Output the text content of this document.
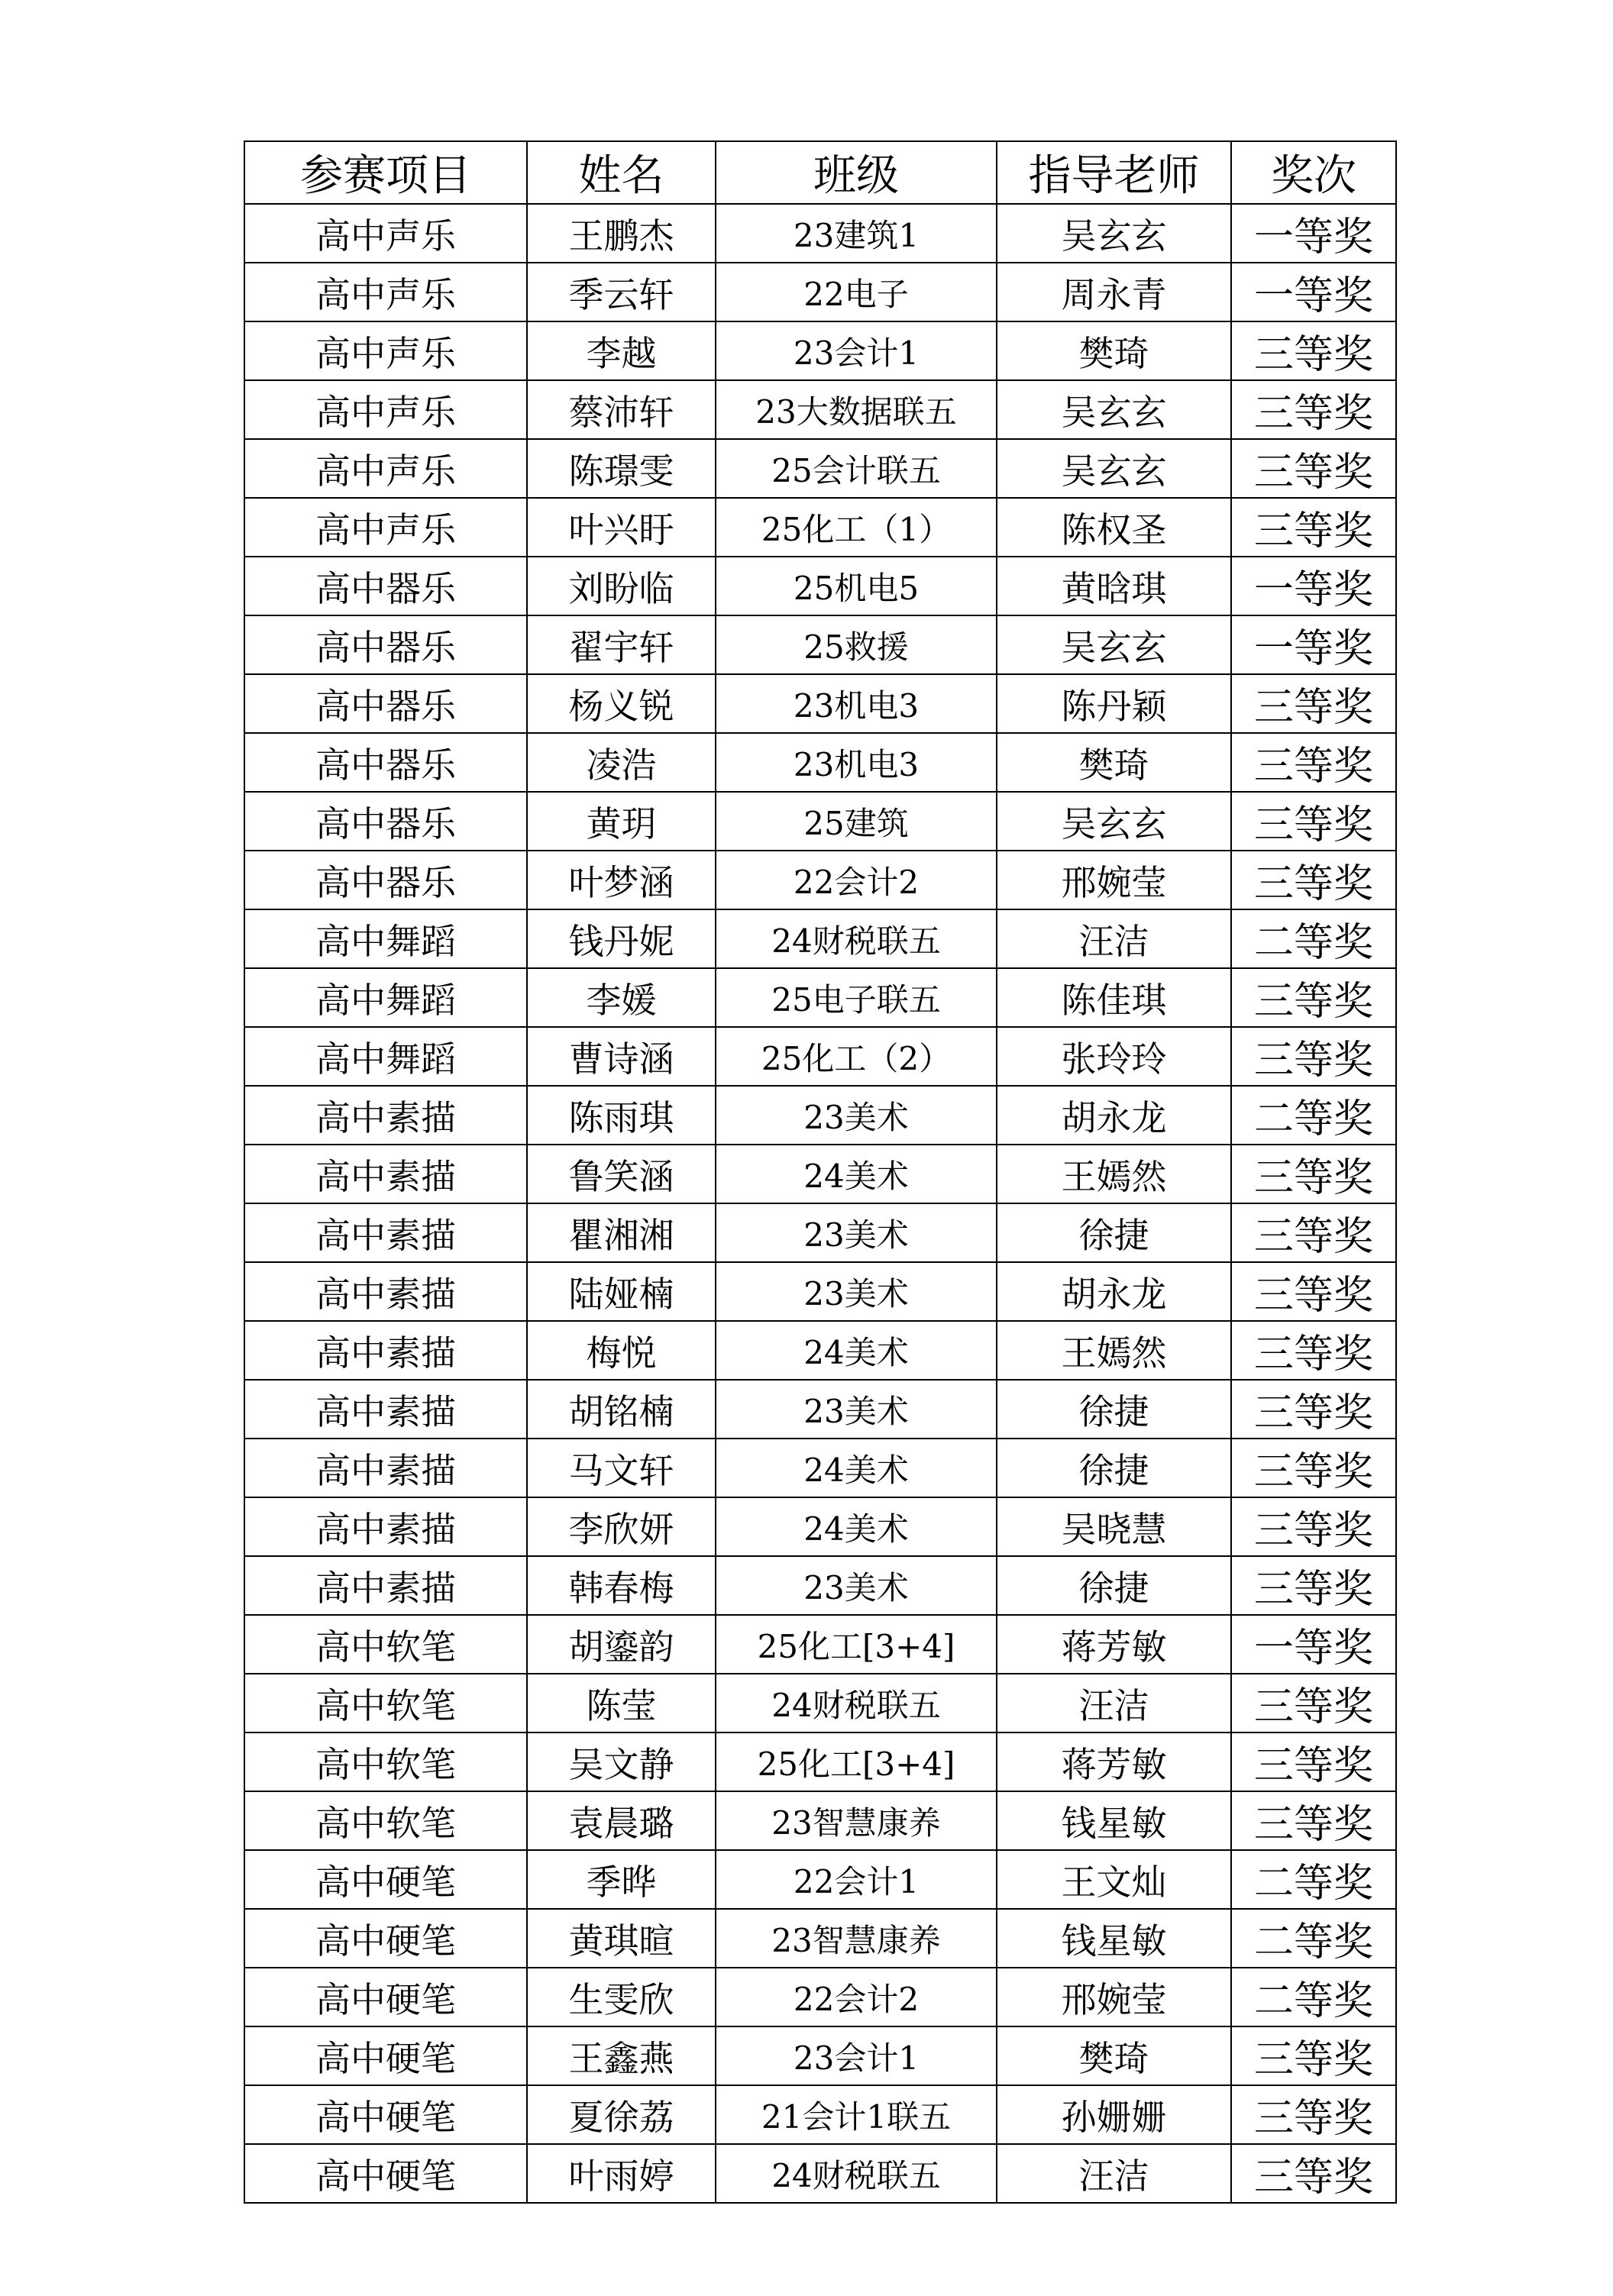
参赛项目	姓名	班级	指导老师	奖次
高中声乐	王鹏杰	23建筑1	吴玄玄	一等奖
高中声乐	季云轩	22电子	周永青	一等奖
高中声乐	李越	23会计1	樊琦	三等奖
高中声乐	蔡沛轩	23大数据联五	吴玄玄	三等奖
高中声乐	陈璟雯	25会计联五	吴玄玄	三等奖
高中声乐	叶兴盱	25化工（1）	陈权圣	三等奖
高中器乐	刘盼临	25机电5	黄晗琪	一等奖
高中器乐	翟宇轩	25救援	吴玄玄	一等奖
高中器乐	杨义锐	23机电3	陈丹颖	三等奖
高中器乐	凌浩	23机电3	樊琦	三等奖
高中器乐	黄玥	25建筑	吴玄玄	三等奖
高中器乐	叶梦涵	22会计2	邢婉莹	三等奖
高中舞蹈	钱丹妮	24财税联五	汪洁	二等奖
高中舞蹈	李媛	25电子联五	陈佳琪	三等奖
高中舞蹈	曹诗涵	25化工（2）	张玲玲	三等奖
高中素描	陈雨琪	23美术	胡永龙	二等奖
高中素描	鲁笑涵	24美术	王嫣然	三等奖
高中素描	瞿湘湘	23美术	徐捷	三等奖
高中素描	陆娅楠	23美术	胡永龙	三等奖
高中素描	梅悦	24美术	王嫣然	三等奖
高中素描	胡铭楠	23美术	徐捷	三等奖
高中素描	马文轩	24美术	徐捷	三等奖
高中素描	李欣妍	24美术	吴晓慧	三等奖
高中素描	韩春梅	23美术	徐捷	三等奖
高中软笔	胡鎏韵	25化工[3+4]	蒋芳敏	一等奖
高中软笔	陈莹	24财税联五	汪洁	三等奖
高中软笔	吴文静	25化工[3+4]	蒋芳敏	三等奖
高中软笔	袁晨璐	23智慧康养	钱星敏	三等奖
高中硬笔	季晔	22会计1	王文灿	二等奖
高中硬笔	黄琪暄	23智慧康养	钱星敏	二等奖
高中硬笔	生雯欣	22会计2	邢婉莹	二等奖
高中硬笔	王鑫燕	23会计1	樊琦	三等奖
高中硬笔	夏徐荔	21会计1联五	孙姗姗	三等奖
高中硬笔	叶雨婷	24财税联五	汪洁	三等奖
